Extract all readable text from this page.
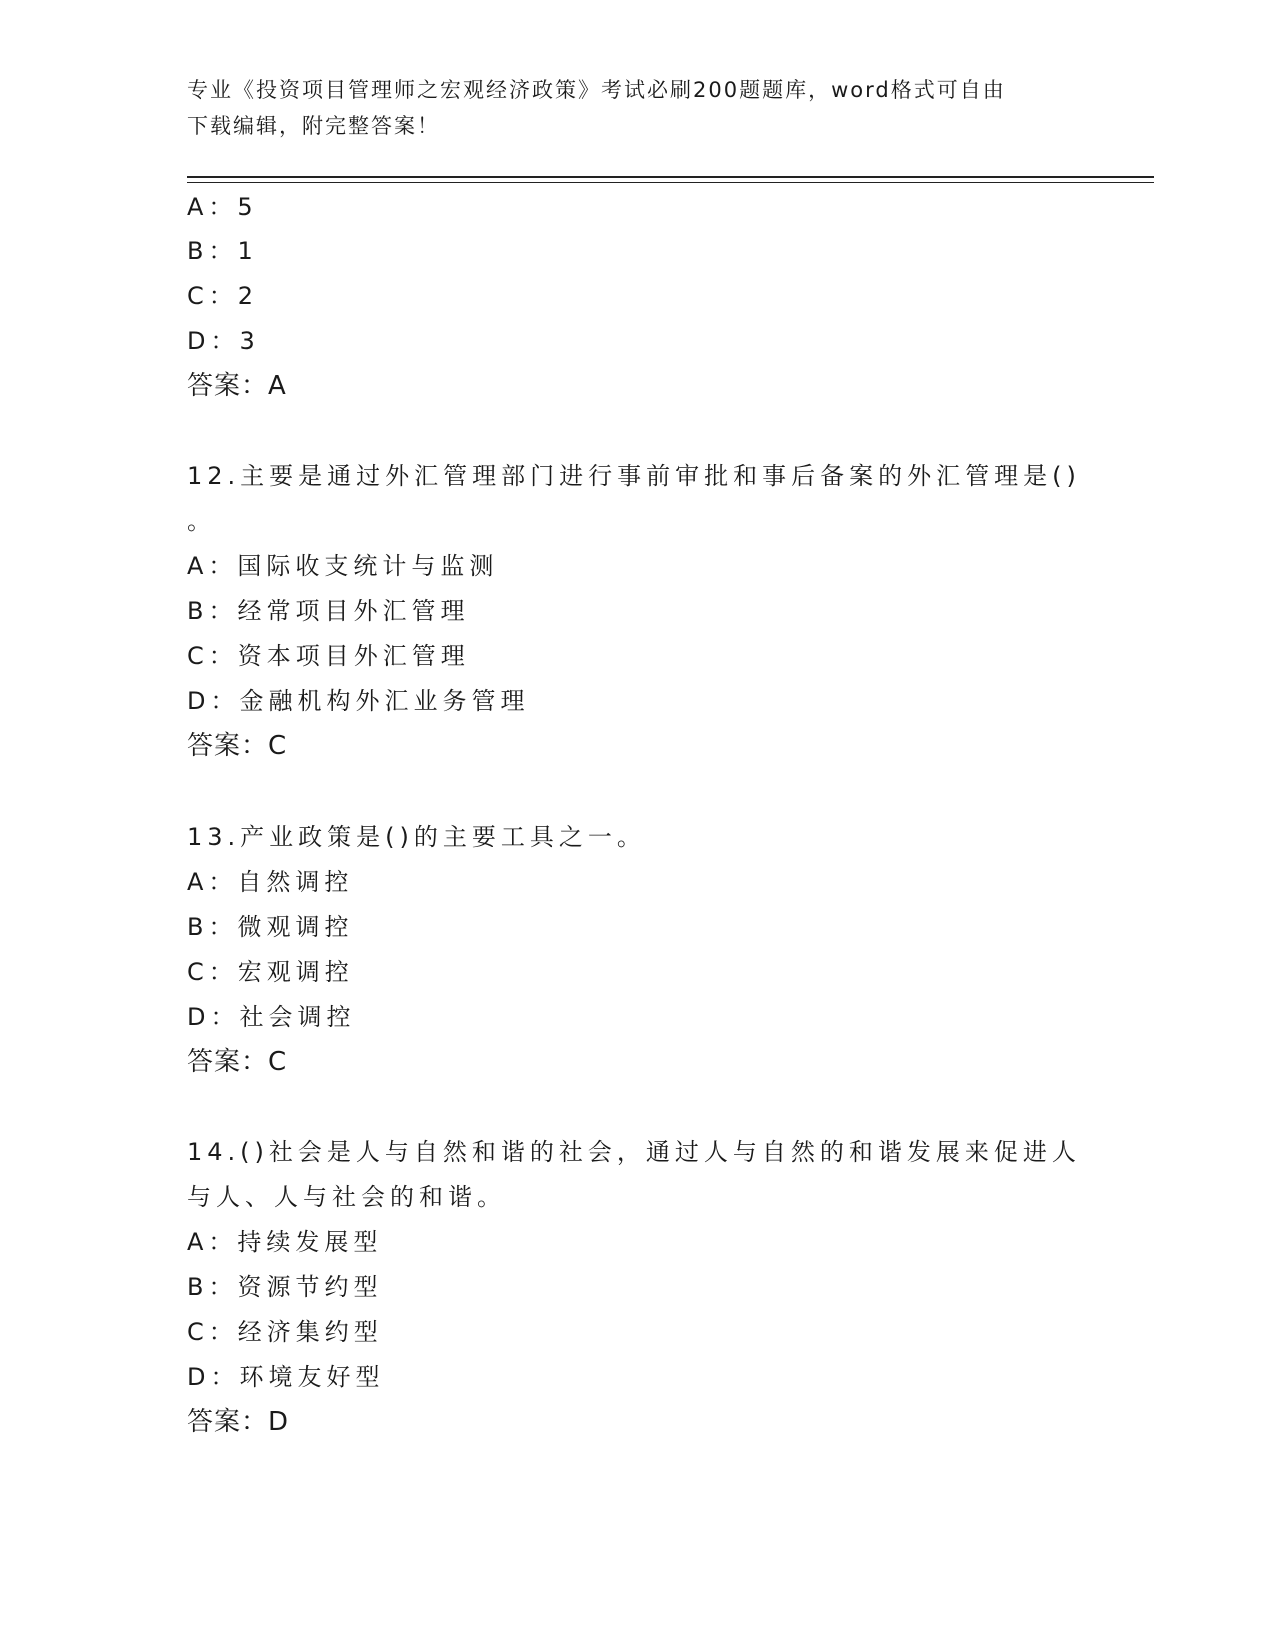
专业《投资项目管理师之宏观经济政策》考试必刷200题题库，word格式可自由
下载编辑，附完整答案！
A：5
B：1
C：2
D：3
答案：A
12.主要是通过外汇管理部门进行事前审批和事后备案的外汇管理是()
。
A：国际收支统计与监测
B：经常项目外汇管理
C：资本项目外汇管理
D：金融机构外汇业务管理
答案：C
13.产业政策是()的主要工具之一。
A：自然调控
B：微观调控
C：宏观调控
D：社会调控
答案：C
14.()社会是人与自然和谐的社会，通过人与自然的和谐发展来促进人
与人、人与社会的和谐。
A：持续发展型
B：资源节约型
C：经济集约型
D：环境友好型
答案：D
